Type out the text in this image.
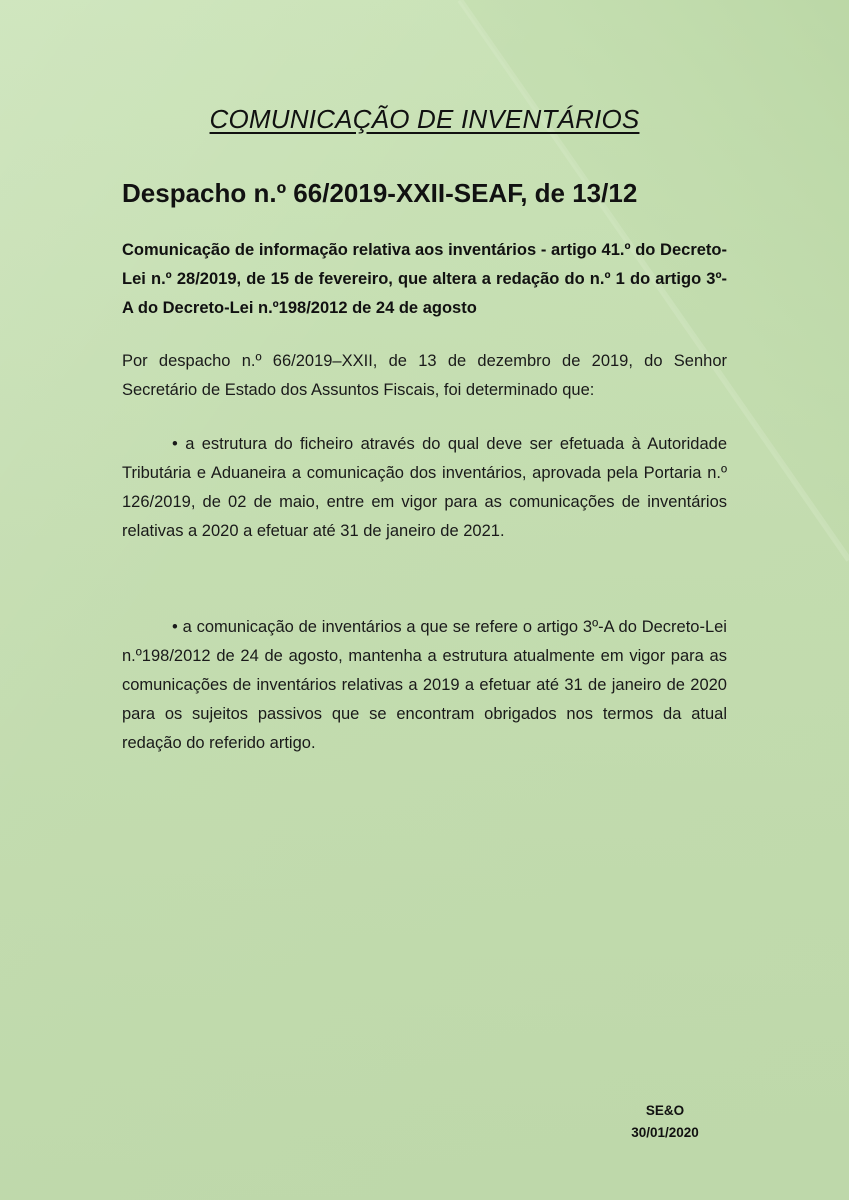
COMUNICAÇÃO DE INVENTÁRIOS
Despacho n.º 66/2019-XXII-SEAF, de 13/12
Comunicação de informação relativa aos inventários - artigo 41.º do Decreto-Lei n.º 28/2019, de 15 de fevereiro, que altera a redação do n.º 1 do artigo 3º-A do Decreto-Lei n.º198/2012 de 24 de agosto
Por despacho n.º 66/2019–XXII, de 13 de dezembro de 2019, do Senhor Secretário de Estado dos Assuntos Fiscais, foi determinado que:
• a estrutura do ficheiro através do qual deve ser efetuada à Autoridade Tributária e Aduaneira a comunicação dos inventários, aprovada pela Portaria n.º 126/2019, de 02 de maio, entre em vigor para as comunicações de inventários relativas a 2020 a efetuar até 31 de janeiro de 2021.
• a comunicação de inventários a que se refere o artigo 3º-A do Decreto-Lei n.º198/2012 de 24 de agosto, mantenha a estrutura atualmente em vigor para as comunicações de inventários relativas a 2019 a efetuar até 31 de janeiro de 2020 para os sujeitos passivos que se encontram obrigados nos termos da atual redação do referido artigo.
SE&O
30/01/2020
